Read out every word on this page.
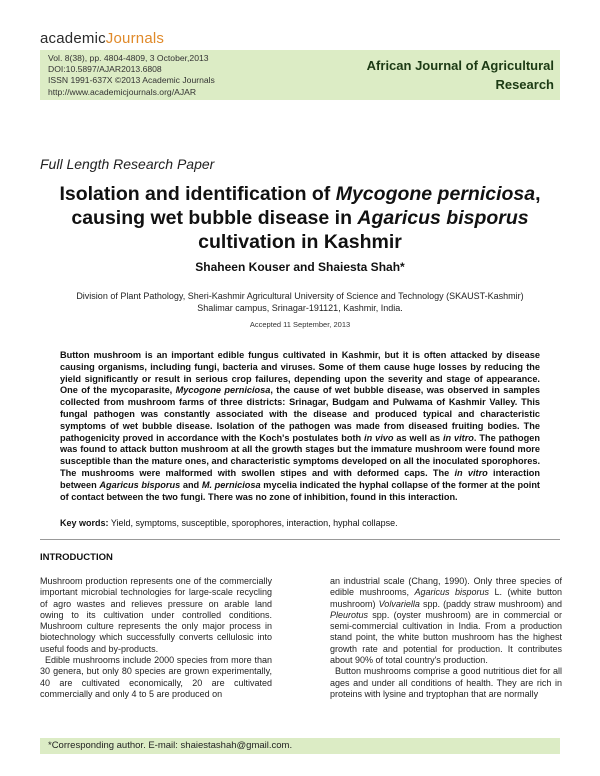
academicJournals
Vol. 8(38), pp. 4804-4809, 3 October,2013
DOI:10.5897/AJAR2013.6808
ISSN 1991-637X ©2013 Academic Journals
http://www.academicjournals.org/AJAR
African Journal of Agricultural
Research
Full Length Research Paper
Isolation and identification of Mycogone perniciosa, causing wet bubble disease in Agaricus bisporus cultivation in Kashmir
Shaheen Kouser and Shaiesta Shah*
Division of Plant Pathology, Sheri-Kashmir Agricultural University of Science and Technology (SKAUST-Kashmir)
Shalimar campus, Srinagar-191121, Kashmir, India.
Accepted 11 September, 2013
Button mushroom is an important edible fungus cultivated in Kashmir, but it is often attacked by disease causing organisms, including fungi, bacteria and viruses. Some of them cause huge losses by reducing the yield significantly or result in serious crop failures, depending upon the severity and stage of appearance. One of the mycoparasite, Mycogone perniciosa, the cause of wet bubble disease, was observed in samples collected from mushroom farms of three districts: Srinagar, Budgam and Pulwama of Kashmir Valley. This fungal pathogen was constantly associated with the disease and produced typical and characteristic symptoms of wet bubble disease. Isolation of the pathogen was made from diseased fruiting bodies. The pathogenicity proved in accordance with the Koch's postulates both in vivo as well as in vitro. The pathogen was found to attack button mushroom at all the growth stages but the immature mushroom were found more susceptible than the mature ones, and characteristic symptoms developed on all the inoculated sporophores. The mushrooms were malformed with swollen stipes and with deformed caps. The in vitro interaction between Agaricus bisporus and M. perniciosa mycelia indicated the hyphal collapse of the former at the point of contact between the two fungi. There was no zone of inhibition, found in this interaction.
Key words: Yield, symptoms, susceptible, sporophores, interaction, hyphal collapse.
INTRODUCTION

Mushroom production represents one of the commercially important microbial technologies for large-scale recycling of agro wastes and relieves pressure on arable land owing to its cultivation under controlled conditions. Mushroom culture represents the only major process in biotechnology which successfully converts cellulosic into useful foods and by-products.

Edible mushrooms include 2000 species from more than 30 genera, but only 80 species are grown experimentally, 40 are cultivated economically, 20 are cultivated commercially and only 4 to 5 are produced on

an industrial scale (Chang, 1990). Only three species of edible mushrooms, Agaricus bisporus L. (white button mushroom) Volvariella spp. (paddy straw mushroom) and Pleurotus spp. (oyster mushroom) are in commercial or semi-commercial cultivation in India. From a production stand point, the white button mushroom has the highest growth rate and potential for production. It contributes about 90% of total country's production.

Button mushrooms comprise a good nutritious diet for all ages and under all conditions of health. They are rich in proteins with lysine and tryptophan that are normally

*Corresponding author. E-mail: shaiestashah@gmail.com.
